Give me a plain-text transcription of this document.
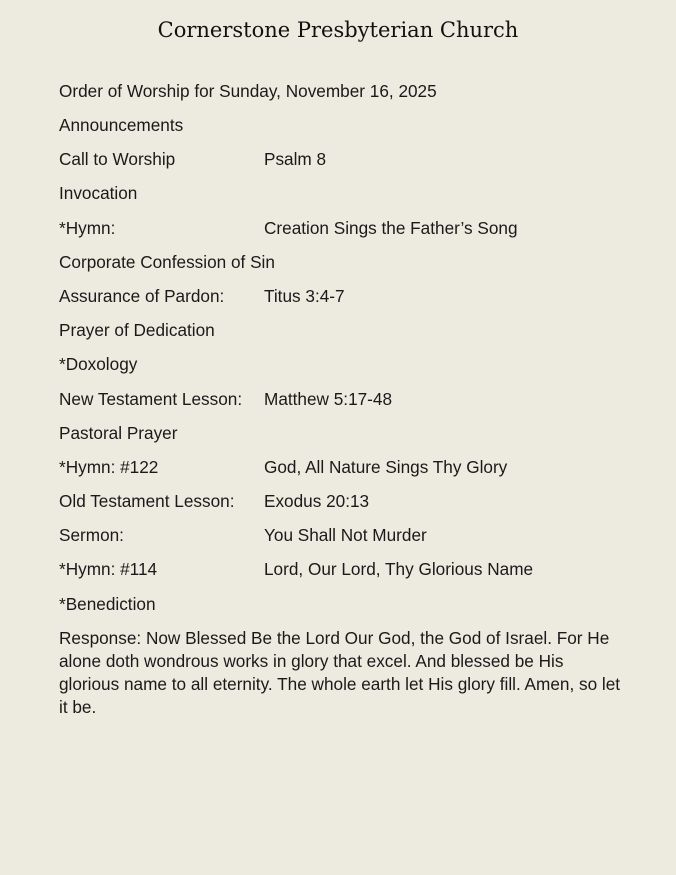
Cornerstone Presbyterian Church
Order of Worship for Sunday, November 16, 2025
Announcements
Call to Worship	Psalm 8
Invocation
*Hymn:	Creation Sings the Father’s Song
Corporate Confession of Sin
Assurance of Pardon:	Titus 3:4-7
Prayer of Dedication
*Doxology
New Testament Lesson:	Matthew 5:17-48
Pastoral Prayer
*Hymn: #122	God, All Nature Sings Thy Glory
Old Testament Lesson:	Exodus 20:13
Sermon:	You Shall Not Murder
*Hymn: #114	Lord, Our Lord, Thy Glorious Name
*Benediction
Response: Now Blessed Be the Lord Our God, the God of Israel. For He alone doth wondrous works in glory that excel. And blessed be His glorious name to all eternity. The whole earth let His glory fill. Amen, so let it be.
